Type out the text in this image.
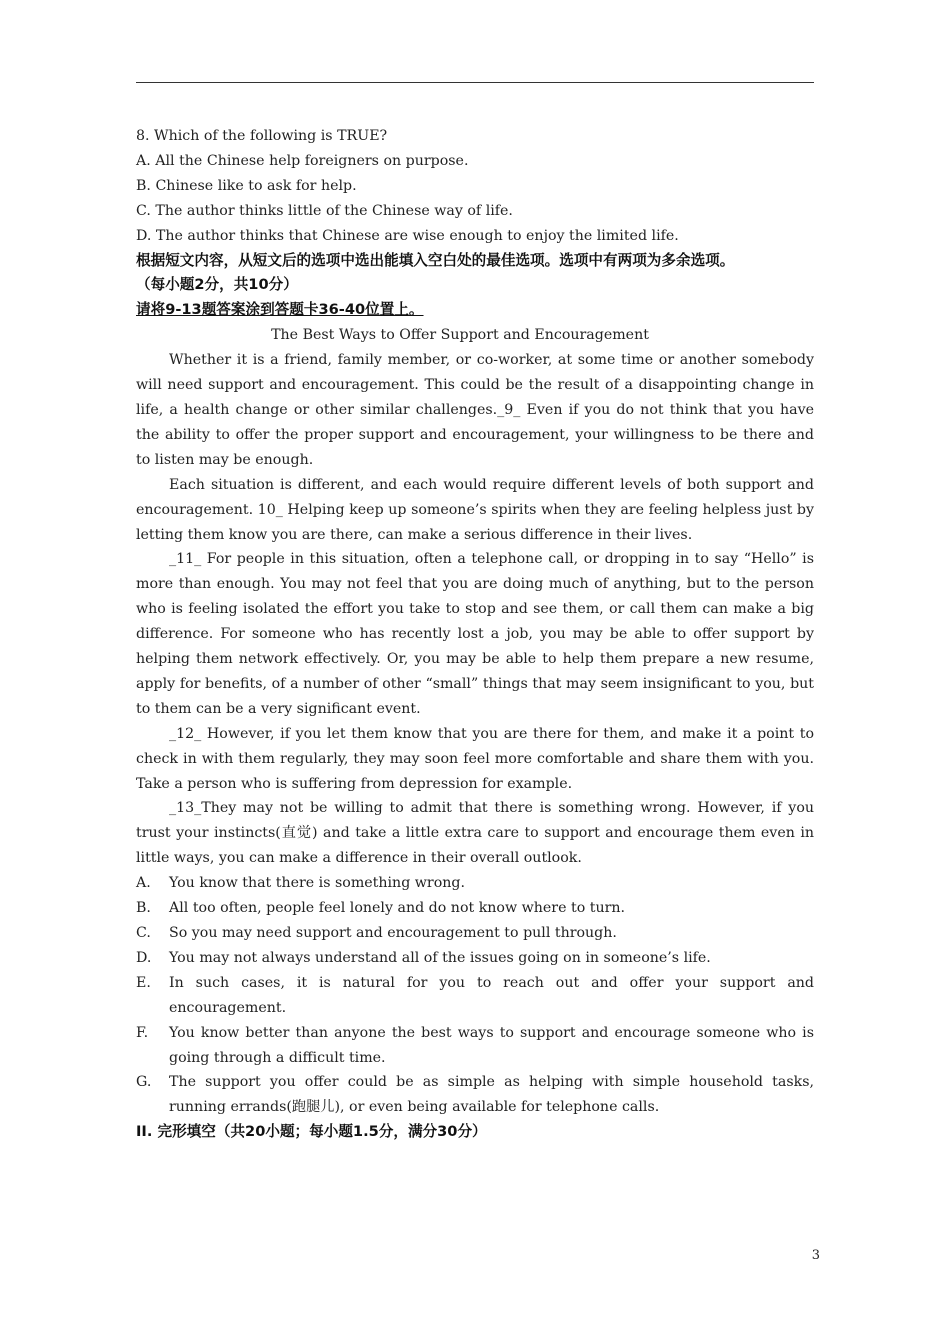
8. Which of the following is TRUE?
A. All the Chinese help foreigners on purpose.
B. Chinese like to ask for help.
C. The author thinks little of the Chinese way of life.
D. The author thinks that Chinese are wise enough to enjoy the limited life.
根据短文内容，从短文后的选项中选出能填入空白处的最佳选项。选项中有两项为多余选项。
（每小题2分，共10分）
请将9-13题答案涂到答题卡36-40位置上。
The Best Ways to Offer Support and Encouragement
Whether it is a friend, family member, or co-worker, at some time or another somebody will need support and encouragement. This could be the result of a disappointing change in life, a health change or other similar challenges._9_ Even if you do not think that you have the ability to offer the proper support and encouragement, your willingness to be there and to listen may be enough.
Each situation is different, and each would require different levels of both support and encouragement. 10_ Helping keep up someone’s spirits when they are feeling helpless just by letting them know you are there, can make a serious difference in their lives.
_11_ For people in this situation, often a telephone call, or dropping in to say “Hello” is more than enough. You may not feel that you are doing much of anything, but to the person who is feeling isolated the effort you take to stop and see them, or call them can make a big difference. For someone who has recently lost a job, you may be able to offer support by helping them network effectively. Or, you may be able to help them prepare a new resume, apply for benefits, of a number of other “small” things that may seem insignificant to you, but to them can be a very significant event.
_12_ However, if you let them know that you are there for them, and make it a point to check in with them regularly, they may soon feel more comfortable and share them with you. Take a person who is suffering from depression for example.
_13_They may not be willing to admit that there is something wrong. However, if you trust your instincts(直觉) and take a little extra care to support and encourage them even in little ways, you can make a difference in their overall outlook.
A.	You know that there is something wrong.
B.	All too often, people feel lonely and do not know where to turn.
C.	So you may need support and encouragement to pull through.
D.	You may not always understand all of the issues going on in someone’s life.
E.	In such cases, it is natural for you to reach out and offer your support and encouragement.
F.	You know better than anyone the best ways to support and encourage someone who is going through a difficult time.
G.	The support you offer could be as simple as helping with simple household tasks, running errands(跑腿儿), or even being available for telephone calls.
II. 完形填空（共20小题；每小题1.5分，满分30分）
3
